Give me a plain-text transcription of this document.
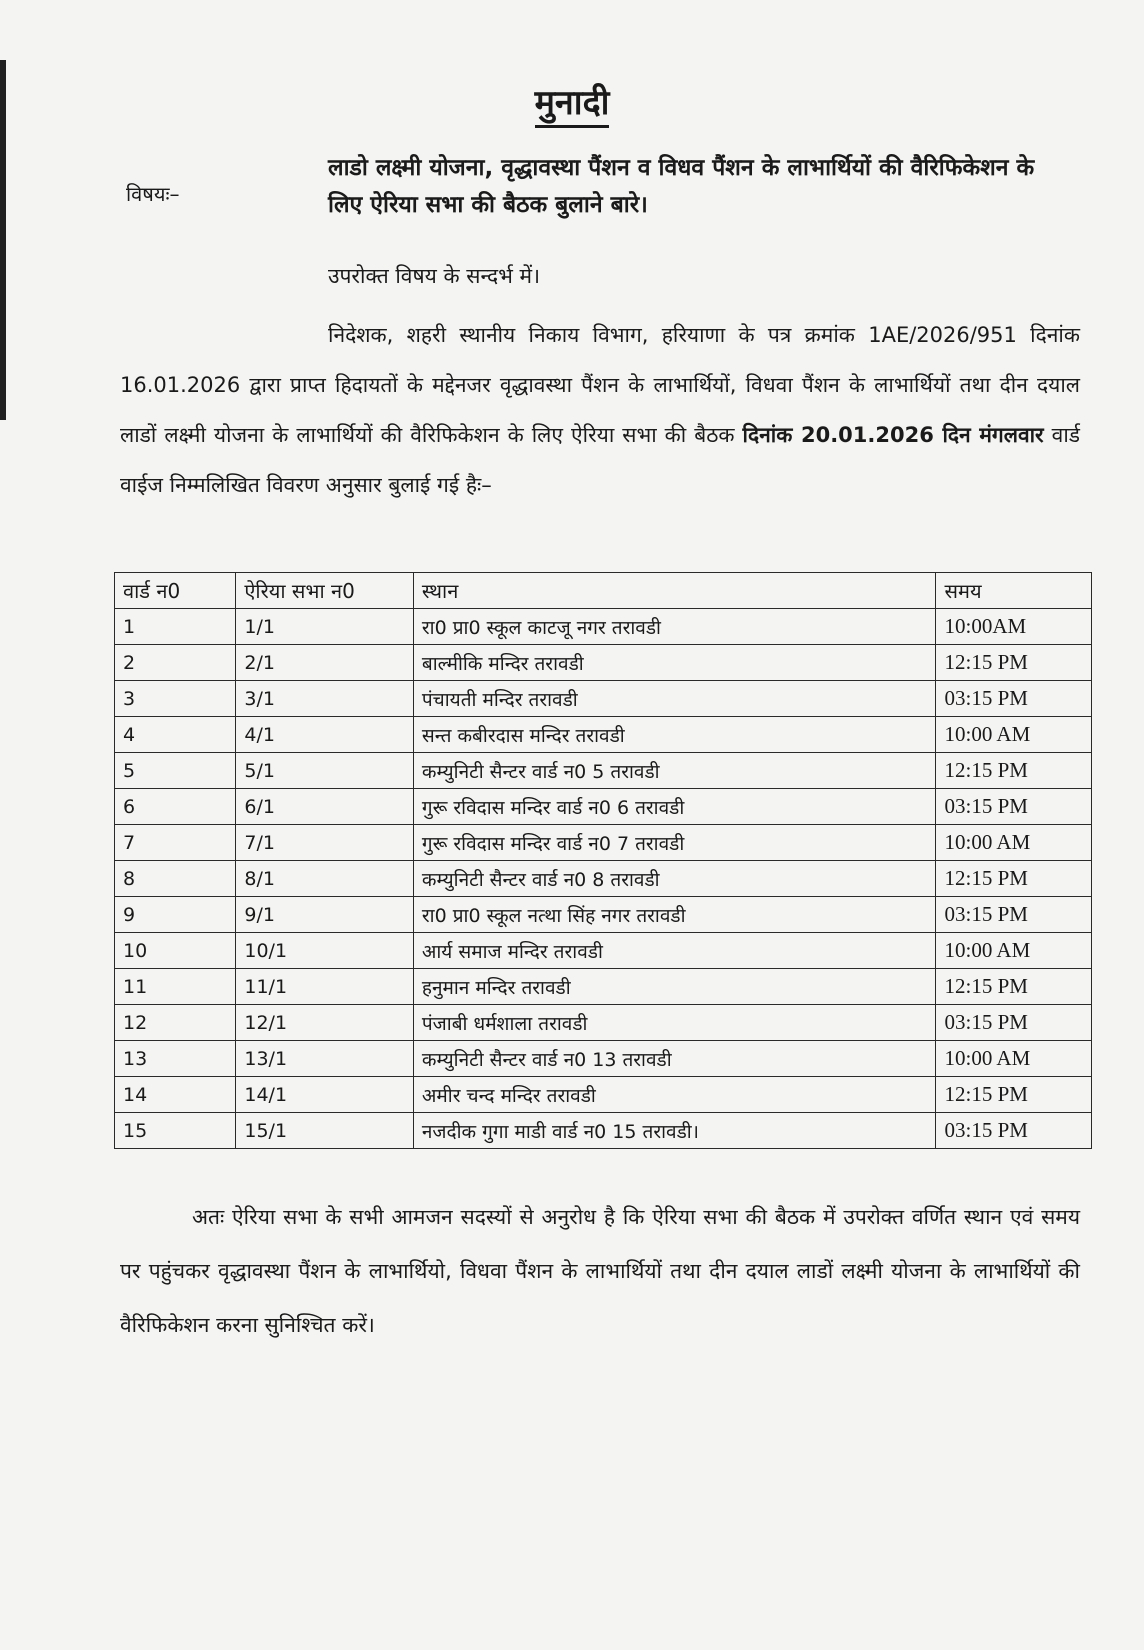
मुनादी
विषयः–
लाडो लक्ष्मी योजना, वृद्धावस्था पैंशन व विधव पैंशन के लाभार्थियों की वैरिफिकेशन के लिए ऐरिया सभा की बैठक बुलाने बारे।
उपरोक्त विषय के सन्दर्भ में।
निदेशक, शहरी स्थानीय निकाय विभाग, हरियाणा के पत्र क्रमांक 1AE/2026/951 दिनांक 16.01.2026 द्वारा प्राप्त हिदायतों के मद्देनजर वृद्धावस्था पैंशन के लाभार्थियों, विधवा पैंशन के लाभार्थियों तथा दीन दयाल लाडों लक्ष्मी योजना के लाभार्थियों की वैरिफिकेशन के लिए ऐरिया सभा की बैठक दिनांक 20.01.2026 दिन मंगलवार वार्ड वाईज निम्मलिखित विवरण अनुसार बुलाई गई हैः–
वार्ड न0	ऐरिया सभा न0	स्थान	समय
1	1/1	रा0 प्रा0 स्कूल काटजू नगर तरावडी	10:00AM
2	2/1	बाल्मीकि मन्दिर तरावडी	12:15 PM
3	3/1	पंचायती मन्दिर तरावडी	03:15 PM
4	4/1	सन्त कबीरदास मन्दिर तरावडी	10:00 AM
5	5/1	कम्युनिटी सैन्टर वार्ड न0 5 तरावडी	12:15 PM
6	6/1	गुरू रविदास मन्दिर वार्ड न0 6 तरावडी	03:15 PM
7	7/1	गुरू रविदास मन्दिर वार्ड न0 7 तरावडी	10:00 AM
8	8/1	कम्युनिटी सैन्टर वार्ड न0 8 तरावडी	12:15 PM
9	9/1	रा0 प्रा0 स्कूल नत्था सिंह नगर तरावडी	03:15 PM
10	10/1	आर्य समाज मन्दिर तरावडी	10:00 AM
11	11/1	हनुमान मन्दिर तरावडी	12:15 PM
12	12/1	पंजाबी धर्मशाला तरावडी	03:15 PM
13	13/1	कम्युनिटी सैन्टर वार्ड न0 13 तरावडी	10:00 AM
14	14/1	अमीर चन्द मन्दिर तरावडी	12:15 PM
15	15/1	नजदीक गुगा माडी वार्ड न0 15 तरावडी।	03:15 PM
अतः ऐरिया सभा के सभी आमजन सदस्यों से अनुरोध है कि ऐरिया सभा की बैठक में उपरोक्त वर्णित स्थान एवं समय पर पहुंचकर वृद्धावस्था पैंशन के लाभार्थियो, विधवा पैंशन के लाभार्थियों तथा दीन दयाल लाडों लक्ष्मी योजना के लाभार्थियों की वैरिफिकेशन करना सुनिश्चित करें।
